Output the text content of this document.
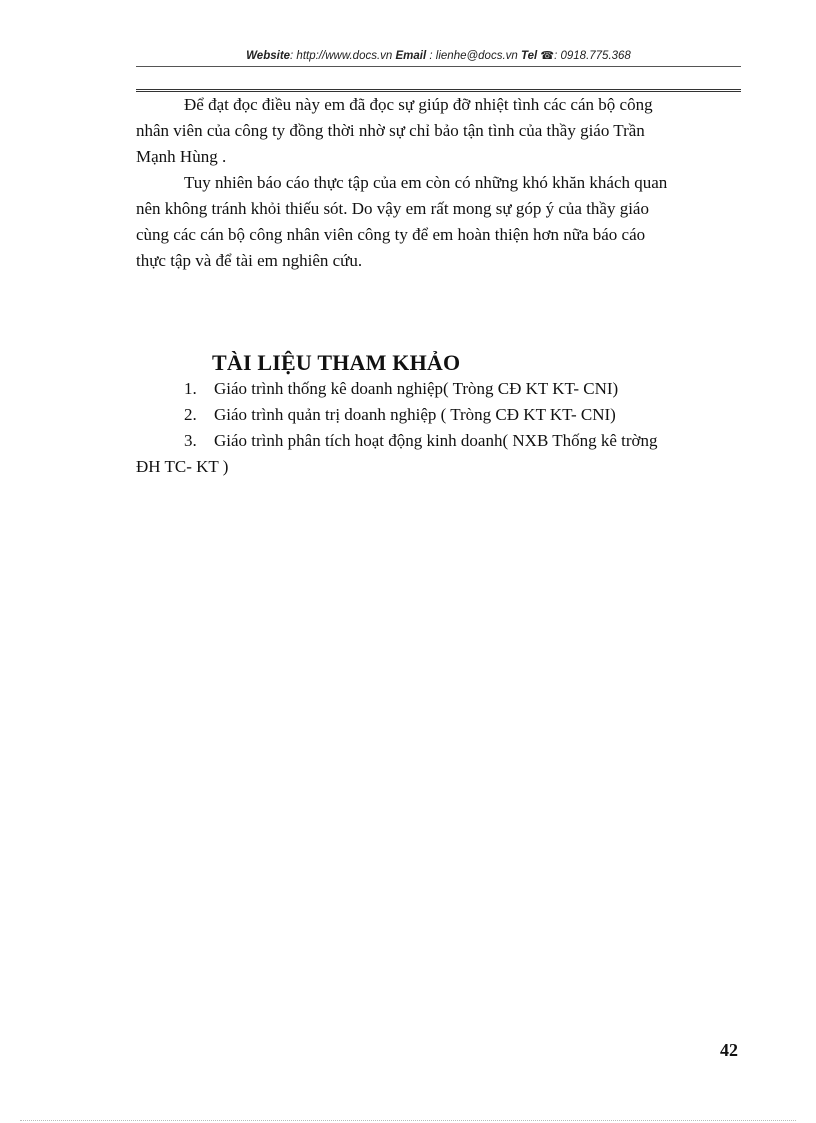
Website: http://www.docs.vn Email : lienhe@docs.vn Tel ☎: 0918.775.368
Để đạt đọc điều này em đã đọc sự giúp đỡ nhiệt tình các cán bộ công
nhân viên của công ty đồng thời nhờ sự chỉ bảo tận tình của thầy giáo Trần
Mạnh Hùng .
Tuy nhiên báo cáo thực tập của em còn có những khó khăn khách quan
nên không tránh khỏi thiếu sót. Do vậy em rất mong sự góp ý của thầy giáo
cùng các cán bộ công nhân viên công ty để em hoàn thiện hơn nữa báo cáo
thực tập và để tài em nghiên cứu.
TÀI LIỆU THAM KHẢO
1. Giáo trình thống kê doanh nghiệp( Tròng CĐ KT KT- CNI)
2. Giáo trình quản trị doanh nghiệp ( Tròng CĐ KT KT- CNI)
3. Giáo trình phân tích hoạt động kinh doanh( NXB Thống kê trờng
ĐH TC- KT )
42
